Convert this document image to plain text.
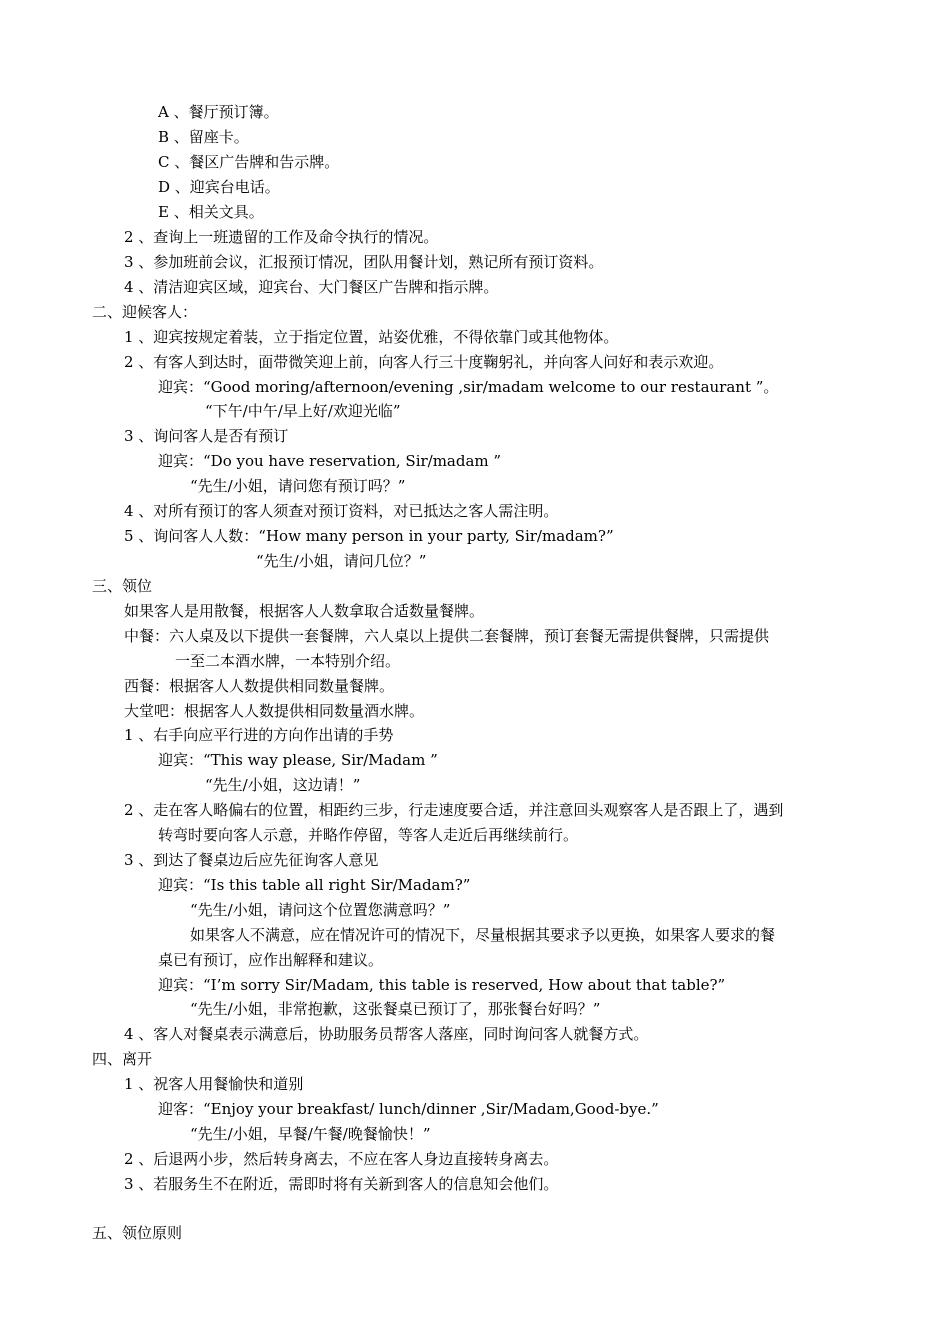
A 、餐厅预订簿。

B 、留座卡。

C 、餐区广告牌和告示牌。

D 、迎宾台电话。

E 、相关文具。

2 、查询上一班遗留的工作及命令执行的情况。

3 、参加班前会议，汇报预订情况，团队用餐计划，熟记所有预订资料。

4 、清洁迎宾区域，迎宾台、大门餐区广告牌和指示牌。

二、迎候客人：

1 、迎宾按规定着装，立于指定位置，站姿优雅，不得依靠门或其他物体。

2 、有客人到达时，面带微笑迎上前，向客人行三十度鞠躬礼，并向客人问好和表示欢迎。

迎宾：“Good moring/afternoon/evening ,sir/madam welcome to our restaurant ”。

“下午/中午/早上好/欢迎光临”

3 、询问客人是否有预订

迎宾：“Do you have reservation, Sir/madam ”

“先生/小姐，请问您有预订吗？”

4 、对所有预订的客人须查对预订资料，对已抵达之客人需注明。

5 、询问客人人数：“How many person in your party, Sir/madam?”

“先生/小姐，请问几位？”

三、领位

如果客人是用散餐，根据客人人数拿取合适数量餐牌。

中餐：六人桌及以下提供一套餐牌，六人桌以上提供二套餐牌，预订套餐无需提供餐牌，只需提供

一至二本酒水牌，一本特别介绍。

西餐：根据客人人数提供相同数量餐牌。

大堂吧：根据客人人数提供相同数量酒水牌。

1 、右手向应平行进的方向作出请的手势

迎宾：“This way please, Sir/Madam ”

“先生/小姐，这边请！”

2 、走在客人略偏右的位置，相距约三步，行走速度要合适，并注意回头观察客人是否跟上了，遇到

转弯时要向客人示意，并略作停留，等客人走近后再继续前行。

3 、到达了餐桌边后应先征询客人意见

迎宾：“Is this table all right Sir/Madam?”

“先生/小姐，请问这个位置您满意吗？”

如果客人不满意，应在情况许可的情况下，尽量根据其要求予以更换，如果客人要求的餐

桌已有预订，应作出解释和建议。

迎宾：“I’m sorry Sir/Madam, this table is reserved, How about that table?”

“先生/小姐，非常抱歉，这张餐桌已预订了，那张餐台好吗？”

4 、客人对餐桌表示满意后，协助服务员帮客人落座，同时询问客人就餐方式。

四、离开

1 、祝客人用餐愉快和道别

迎客：“Enjoy your breakfast/ lunch/dinner ,Sir/Madam,Good-bye.”

“先生/小姐，早餐/午餐/晚餐愉快！”

2 、后退两小步，然后转身离去，不应在客人身边直接转身离去。

3 、若服务生不在附近，需即时将有关新到客人的信息知会他们。

五、领位原则
